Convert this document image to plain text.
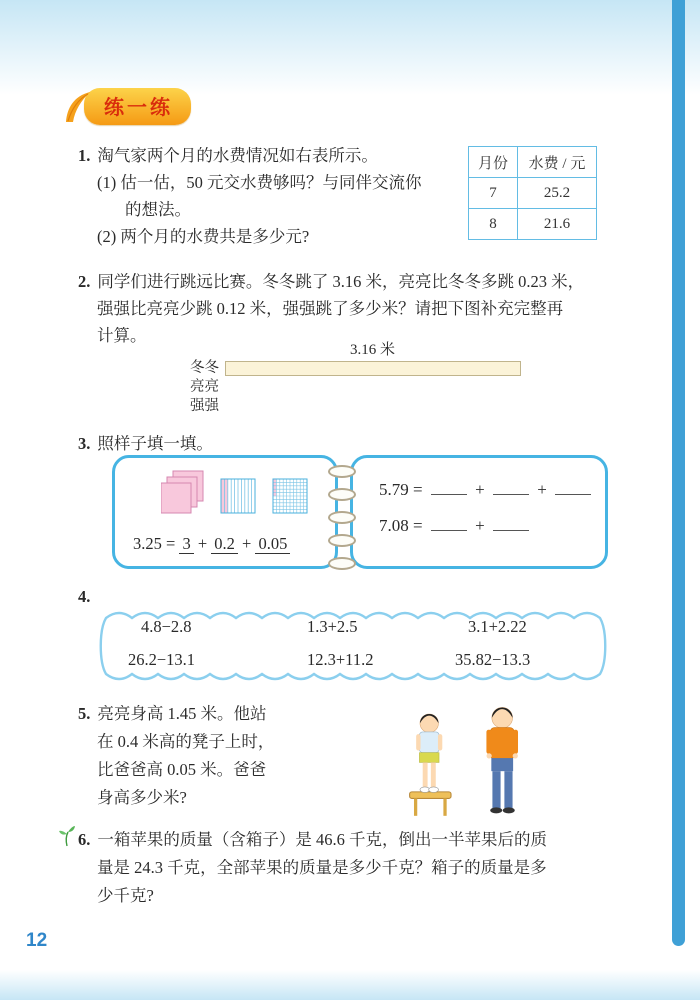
练一练
1. 淘气家两个月的水费情况如右表所示。
(1) 估一估，50 元交水费够吗？与同伴交流你
的想法。
(2) 两个月的水费共是多少元?
月份	水费 / 元
7	25.2
8	21.6
2. 同学们进行跳远比赛。冬冬跳了 3.16 米，亮亮比冬冬多跳 0.23 米，
强强比亮亮少跳 0.12 米，强强跳了多少米？请把下图补充完整再
计算。
3.16 米
冬冬
亮亮
强强
3. 照样子填一填。
3.25 = 3 + 0.2 + 0.05
5.79 =	+	+
7.08 =	+
4.
4.8−2.8	1.3+2.5	3.1+2.22
26.2−13.1	12.3+11.2	35.82−13.3
5. 亮亮身高 1.45 米。他站
在 0.4 米高的凳子上时，
比爸爸高 0.05 米。爸爸
身高多少米?
6. 一箱苹果的质量（含箱子）是 46.6 千克，倒出一半苹果后的质
量是 24.3 千克，全部苹果的质量是多少千克？箱子的质量是多
少千克?
12
